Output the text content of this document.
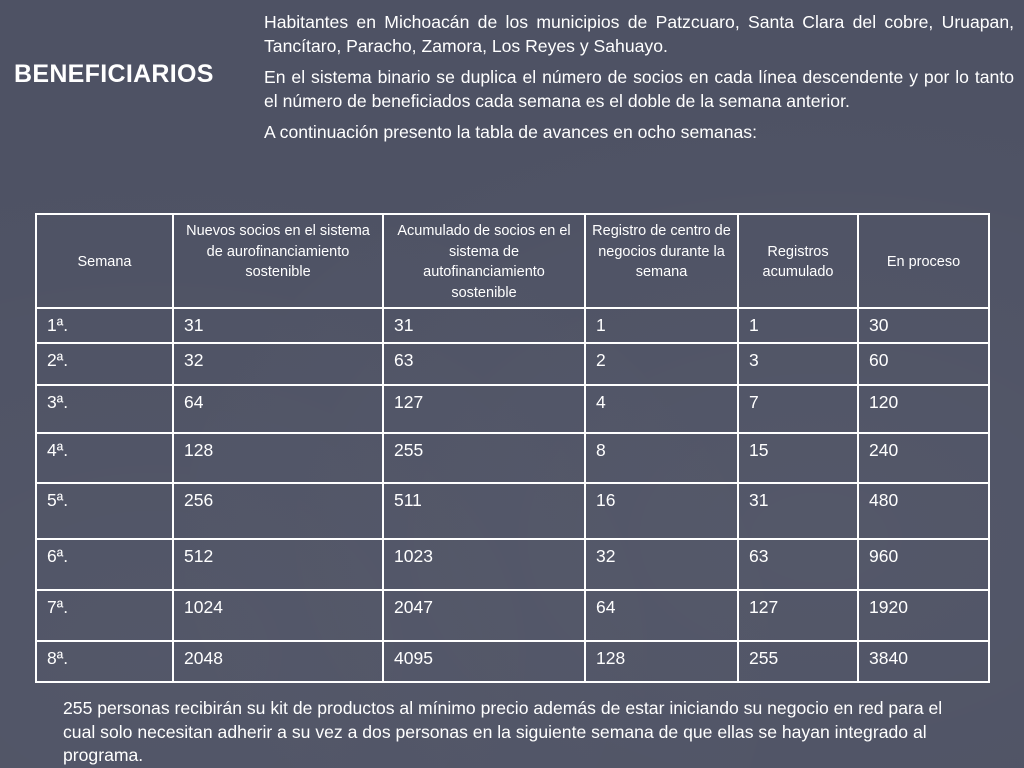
BENEFICIARIOS

Habitantes en Michoacán de los municipios de Patzcuaro, Santa Clara del cobre, Uruapan, Tancítaro, Paracho, Zamora, Los Reyes y Sahuayo.

En el sistema binario se duplica el número de socios en cada línea descendente y por lo tanto el número de beneficiados cada semana es el doble de la semana anterior.

A continuación presento la tabla de avances en ocho semanas:

Semana	Nuevos socios en el sistema de aurofinanciamiento sostenible	Acumulado de socios en el sistema de autofinanciamiento sostenible	Registro de centro de negocios durante la semana	Registros acumulado	En proceso
1ª.	31	31	1	1	30
2ª.	32	63	2	3	60
3ª.	64	127	4	7	120
4ª.	128	255	8	15	240
5ª.	256	511	16	31	480
6ª.	512	1023	32	63	960
7ª.	1024	2047	64	127	1920
8ª.	2048	4095	128	255	3840
255 personas recibirán su kit de productos al mínimo precio además de estar iniciando su negocio en red para el cual solo necesitan adherir a su vez a dos personas en la siguiente semana de que ellas se hayan integrado al programa.
